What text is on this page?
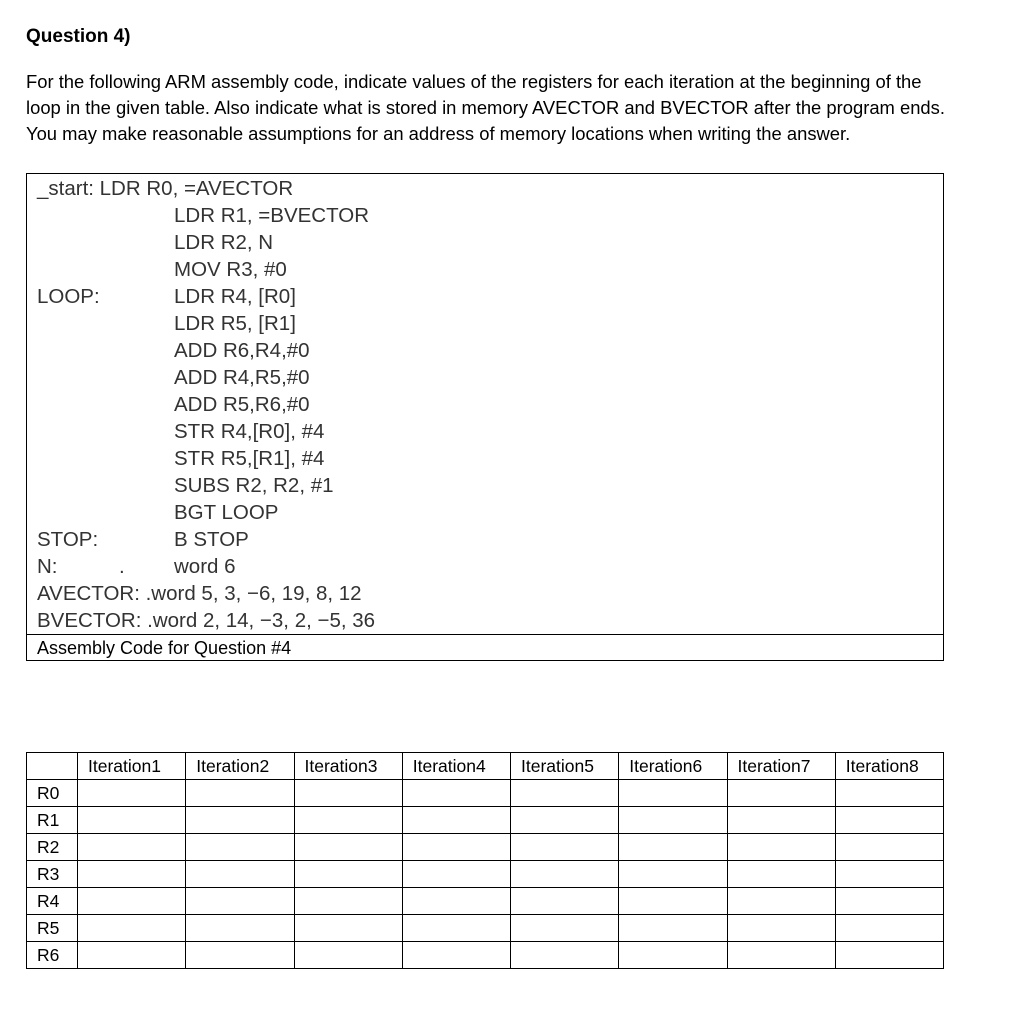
Question 4)

For the following ARM assembly code, indicate values of the registers for each iteration at the beginning of the loop in the given table. Also indicate what is stored in memory AVECTOR and BVECTOR after the program ends. You may make reasonable assumptions for an address of memory locations when writing the answer.

_start: LDR R0, =AVECTOR
LDR R1, =BVECTOR
LDR R2, N
MOV R3, #0
LOOP:	LDR R4, [R0]
LDR R5, [R1]
ADD R6,R4,#0
ADD R4,R5,#0
ADD R5,R6,#0
STR R4,[R0], #4
STR R5,[R1], #4
SUBS R2, R2, #1
BGT LOOP
STOP:	B STOP
N:	. word 6
AVECTOR: .word 5, 3, −6, 19, 8, 12
BVECTOR: .word 2, 14, −3, 2, −5, 36
Assembly Code for Question #4
	Iteration1	Iteration2	Iteration3	Iteration4	Iteration5	Iteration6	Iteration7	Iteration8
R0								
R1								
R2								
R3								
R4								
R5								
R6								
